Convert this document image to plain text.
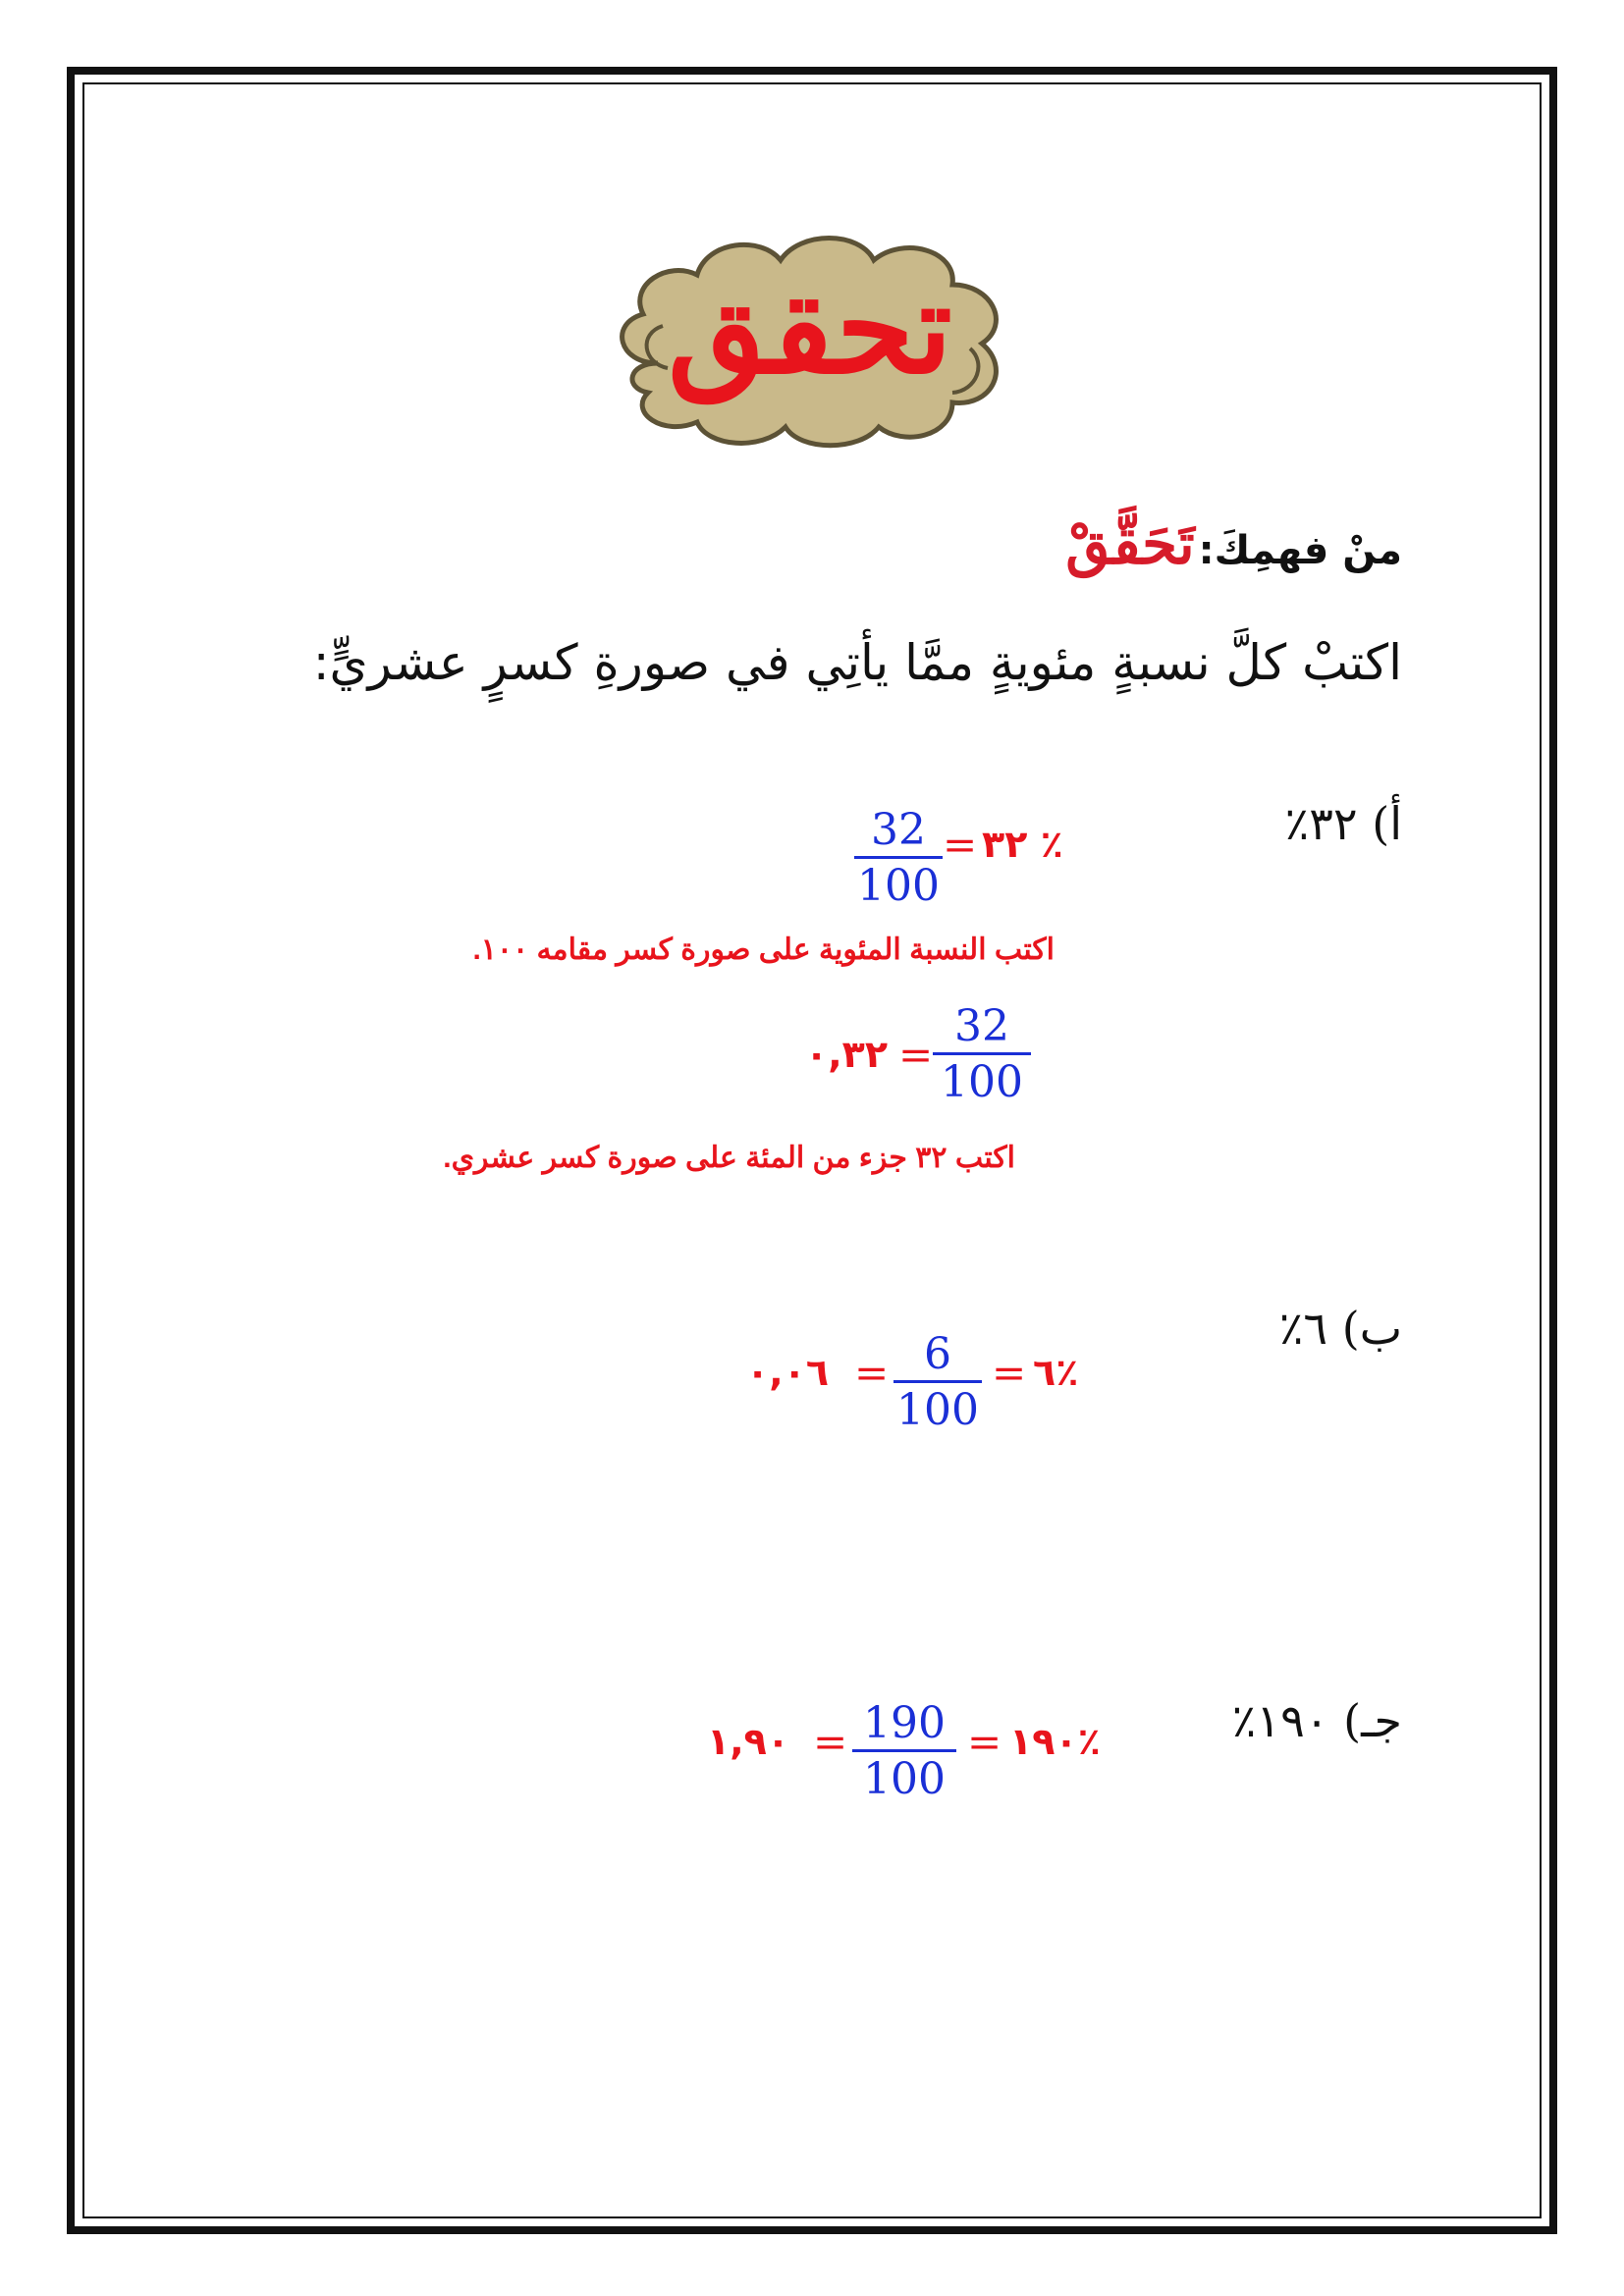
تحقق
منْ فهمِكَ: تَحَقَّقْ
اكتبْ كلَّ نسبةٍ مئويةٍ ممَّا يأتِي في صورةِ كسرٍ عشريٍّ:
أ) ٣٢٪
٪ ٣٢
=
32
100
اكتب النسبة المئوية على صورة كسر مقامه ١٠٠.
32
100
=
٠,٣٢
اكتب ٣٢ جزء من المئة على صورة كسر عشري.
ب) ٦٪
٪٦
=
6
100
=
٠,٠٦
جـ) ١٩٠٪
٪١٩٠
=
190
100
=
١,٩٠
